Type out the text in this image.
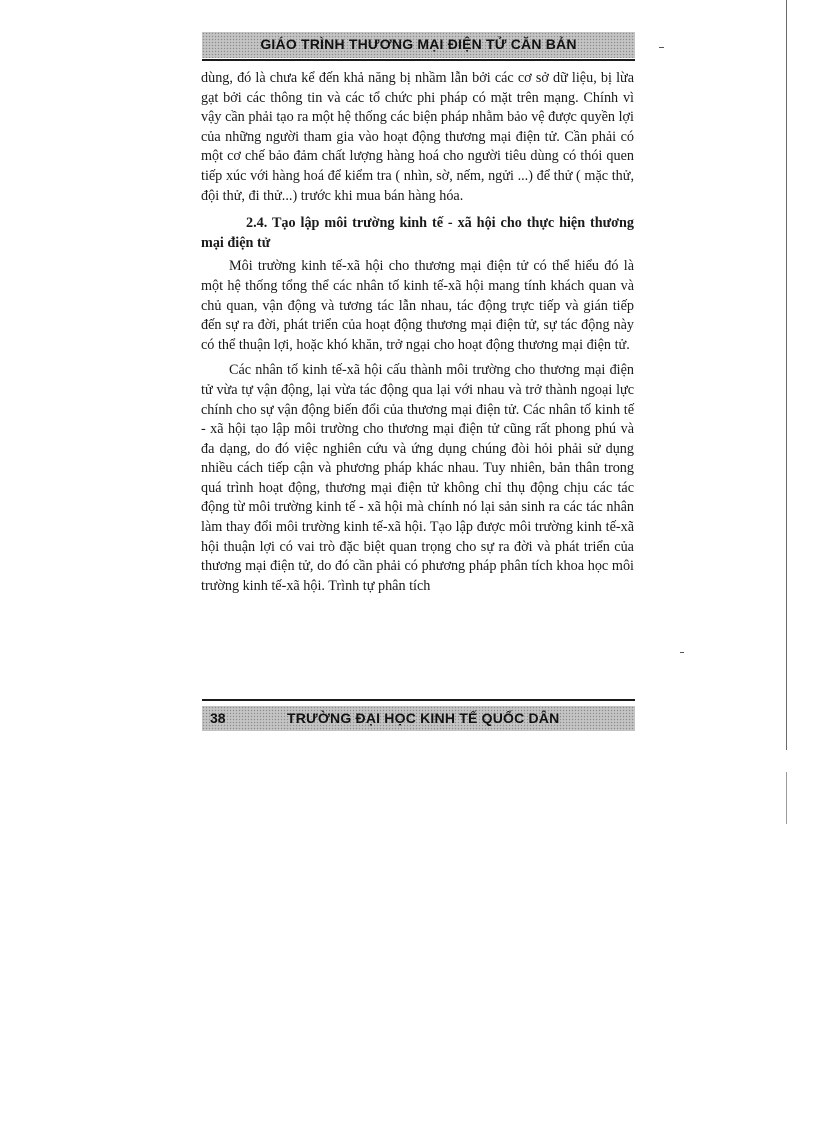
GIÁO TRÌNH THƯƠNG MẠI ĐIỆN TỬ CĂN BẢN

dùng, đó là chưa kể đến khả năng bị nhầm lẫn bởi các cơ sở dữ liệu, bị lừa gạt bởi các thông tin và các tổ chức phi pháp có mặt trên mạng. Chính vì vậy cần phải tạo ra một hệ thống các biện pháp nhằm bảo vệ được quyền lợi của những người tham gia vào hoạt động thương mại điện tử. Cần phải có một cơ chế bảo đảm chất lượng hàng hoá cho người tiêu dùng có thói quen tiếp xúc với hàng hoá để kiểm tra ( nhìn, sờ, nếm, ngửi ...) để thử ( mặc thử, đội thử, đi thử...) trước khi mua bán hàng hóa.

2.4. Tạo lập môi trường kinh tế - xã hội cho thực hiện thương mại điện tử

Môi trường kinh tế-xã hội cho thương mại điện tử có thể hiểu đó là một hệ thống tổng thể các nhân tố kinh tế-xã hội mang tính khách quan và chủ quan, vận động và tương tác lẫn nhau, tác động trực tiếp và gián tiếp đến sự ra đời, phát triển của hoạt động thương mại điện tử, sự tác động này có thể thuận lợi, hoặc khó khăn, trở ngại cho hoạt động thương mại điện tử.

Các nhân tố kinh tế-xã hội cấu thành môi trường cho thương mại điện tử vừa tự vận động, lại vừa tác động qua lại với nhau và trở thành ngoại lực chính cho sự vận động biến đổi của thương mại điện tử. Các nhân tố kinh tế - xã hội tạo lập môi trường cho thương mại điện tử cũng rất phong phú và đa dạng, do đó việc nghiên cứu và ứng dụng chúng đòi hỏi phải sử dụng nhiều cách tiếp cận và phương pháp khác nhau. Tuy nhiên, bản thân trong quá trình hoạt động, thương mại điện tử không chỉ thụ động chịu các tác động từ môi trường kinh tế - xã hội mà chính nó lại sản sinh ra các tác nhân làm thay đổi môi trường kinh tế-xã hội. Tạo lập được môi trường kinh tế-xã hội thuận lợi có vai trò đặc biệt quan trọng cho sự ra đời và phát triển của thương mại điện tử, do đó cần phải có phương pháp phân tích khoa học môi trường kinh tế-xã hội. Trình tự phân tích

38	TRƯỜNG ĐẠI HỌC KINH TẾ QUỐC DÂN
